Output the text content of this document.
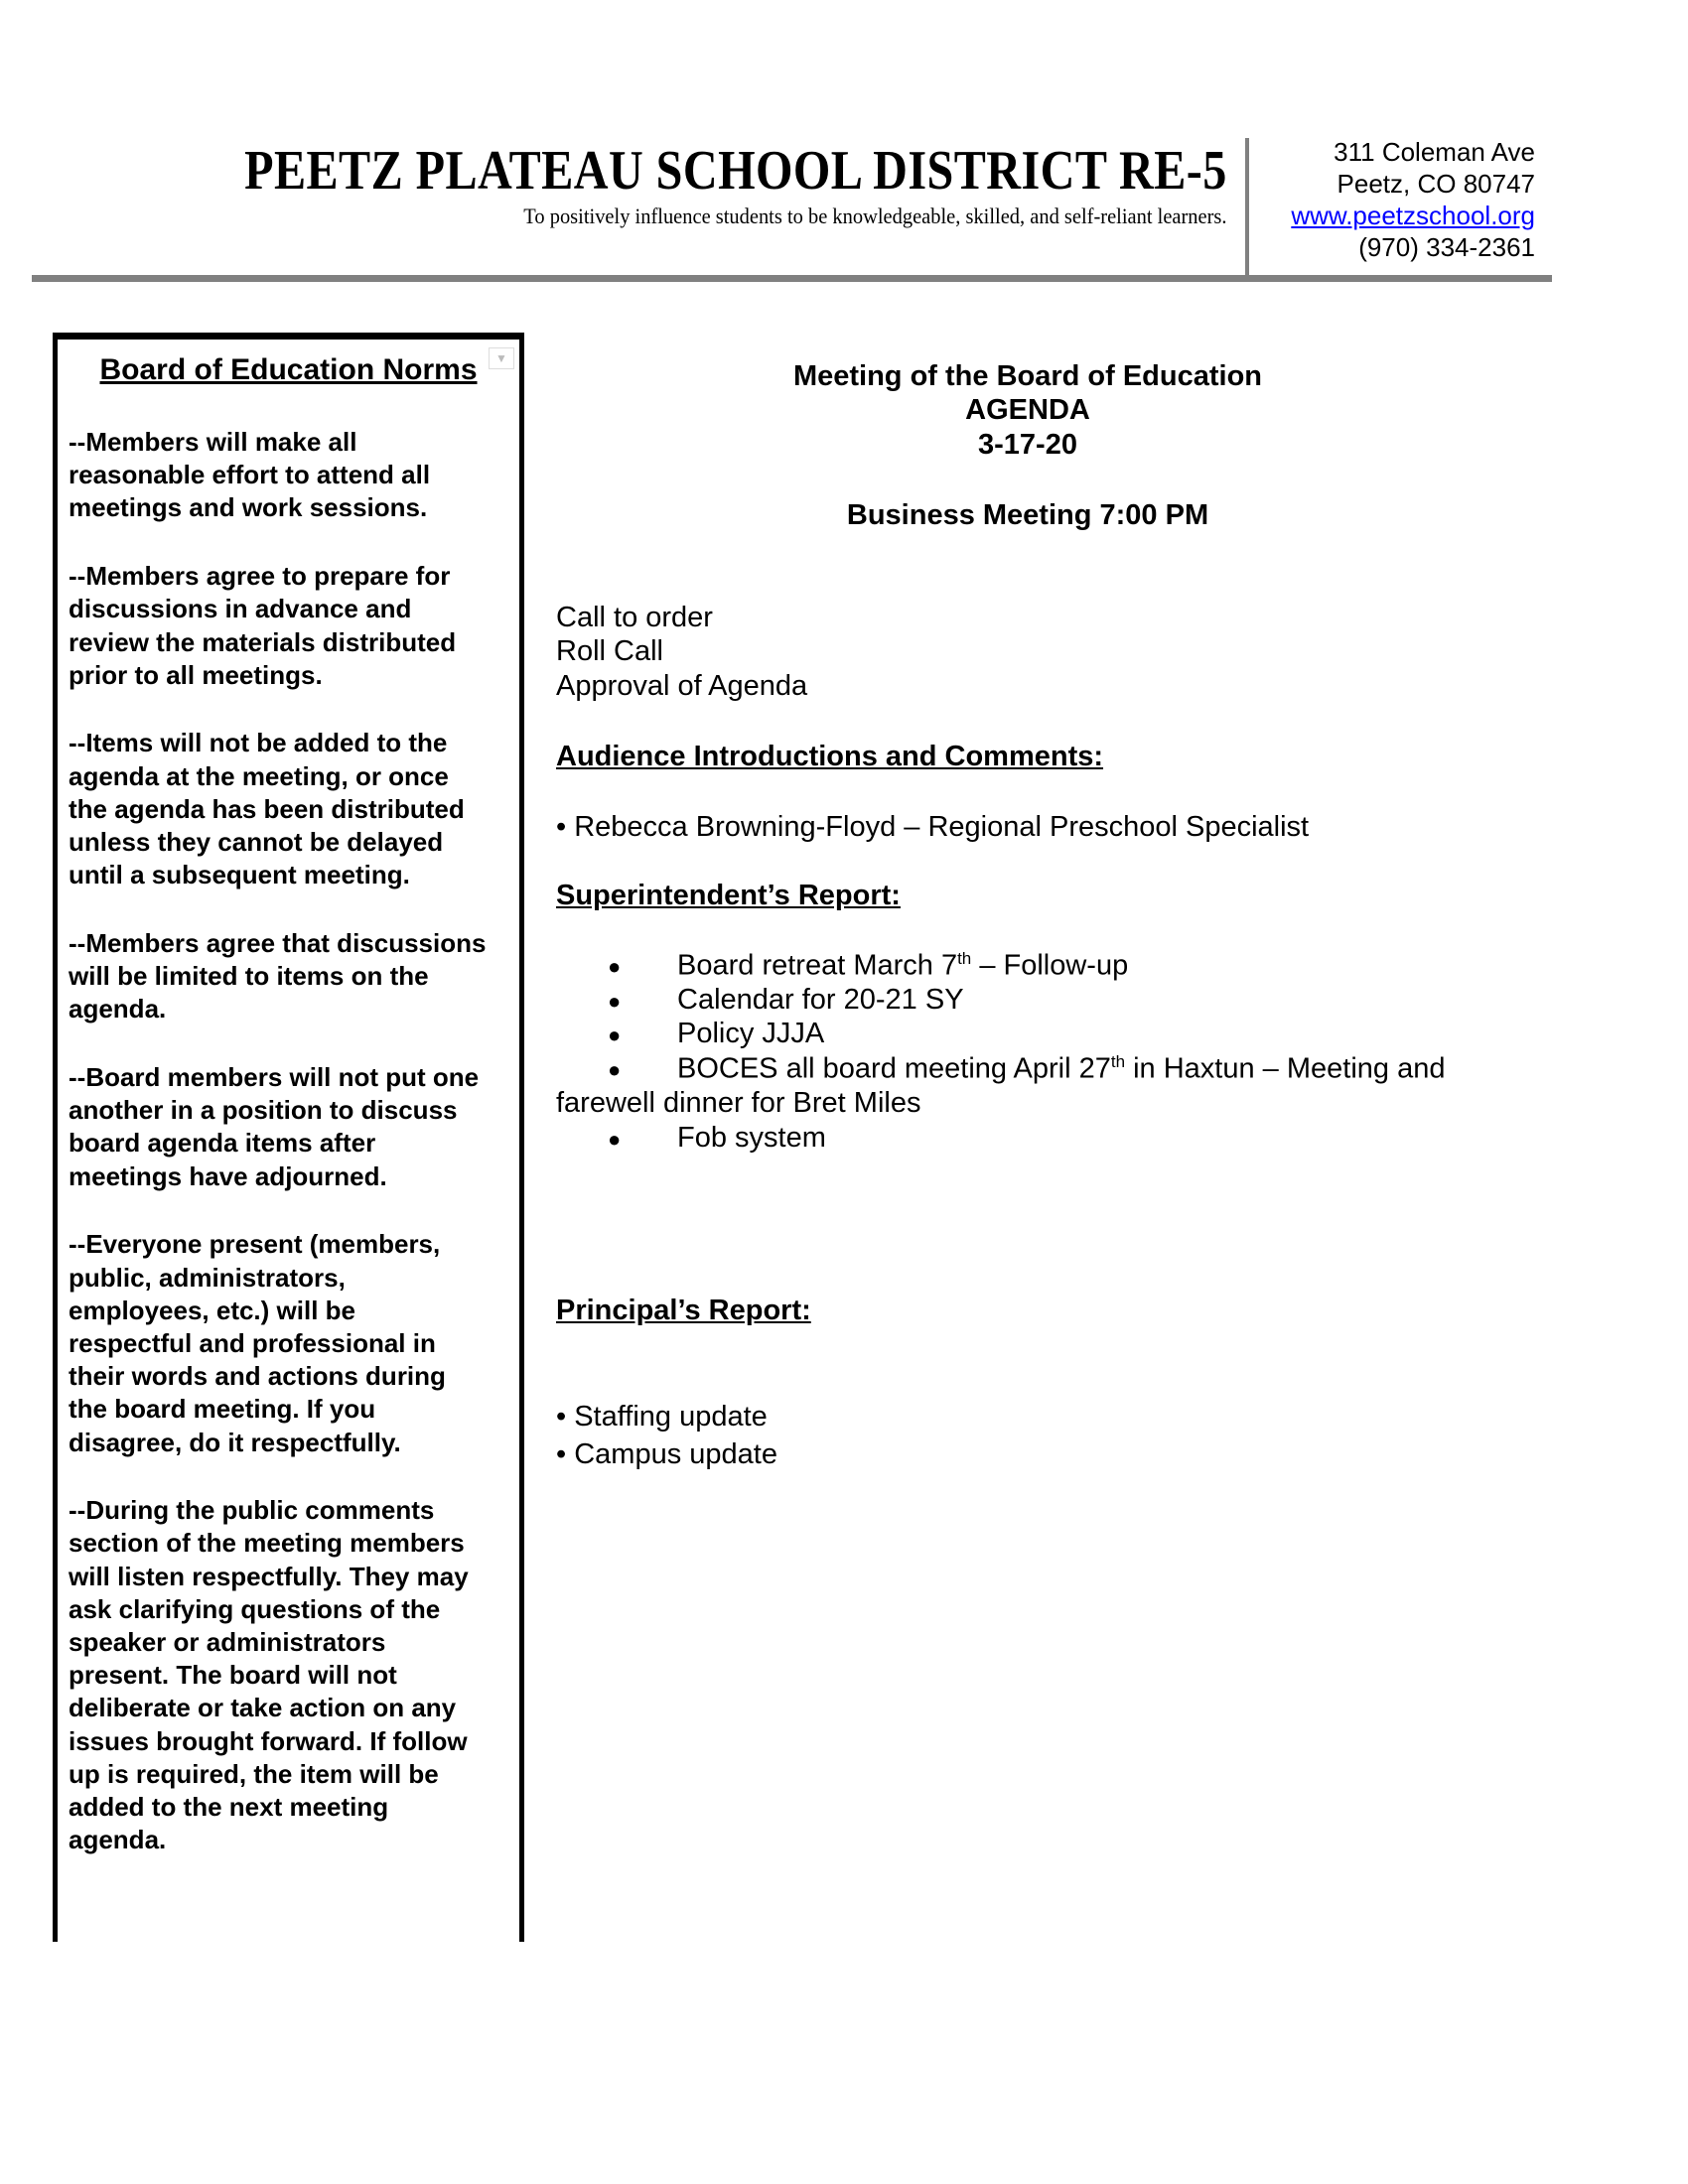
PEETZ PLATEAU SCHOOL DISTRICT RE-5
To positively influence students to be knowledgeable, skilled, and self-reliant learners.
311 Coleman Ave
Peetz, CO 80747
www.peetzschool.org
(970) 334-2361
▼
Board of Education Norms
--Members will make all
reasonable effort to attend all
meetings and work sessions.
--Members agree to prepare for
discussions in advance and
review the materials distributed
prior to all meetings.
--Items will not be added to the
agenda at the meeting, or once
the agenda has been distributed
unless they cannot be delayed
until a subsequent meeting.
--Members agree that discussions
will be limited to items on the
agenda.
--Board members will not put one
another in a position to discuss
board agenda items after
meetings have adjourned.
--Everyone present (members,
public, administrators,
employees, etc.) will be
respectful and professional in
their words and actions during
the board meeting. If you
disagree, do it respectfully.
--During the public comments
section of the meeting members
will listen respectfully. They may
ask clarifying questions of the
speaker or administrators
present. The board will not
deliberate or take action on any
issues brought forward. If follow
up is required, the item will be
added to the next meeting
agenda.
Meeting of the Board of Education
AGENDA
3-17-20
Business Meeting 7:00 PM
Call to order
Roll Call
Approval of Agenda
Audience Introductions and Comments:
• Rebecca Browning-Floyd – Regional Preschool Specialist
Superintendent’s Report:
● Board retreat March 7th – Follow-up
● Calendar for 20-21 SY
● Policy JJJA
● BOCES all board meeting April 27th in Haxtun – Meeting and
farewell dinner for Bret Miles
● Fob system
Principal’s Report:
• Staffing update
• Campus update
